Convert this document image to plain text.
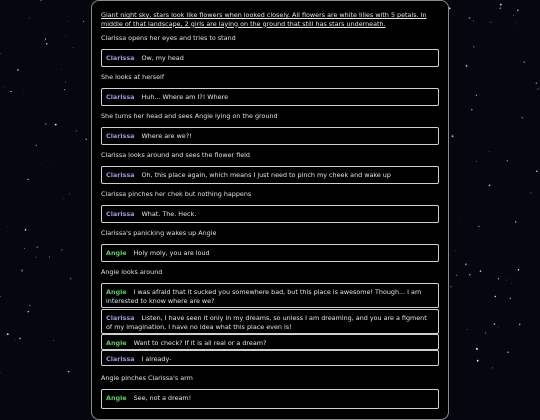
Giant night sky, stars look like flowers when looked closely. All flowers are white lilies with 5 petals. In middle of that landscape, 2 girls are laying on the ground that still has stars underneath.
Clarissa opens her eyes and tries to stand
Clarissa Ow, my head
She looks at herself
Clarissa Huh... Where am I?! Where
She turns her head and sees Angie lying on the ground
Clarissa Where are we?!
Clarissa looks around and sees the flower field
Clarissa Oh, this place again, which means I just need to pinch my cheek and wake up
Clarissa pinches her chek but nothing happens
Clarissa What. The. Heck.
Clarissa's panicking wakes up Angie
Angie Holy moly, you are loud
Angie looks around
Angie I was afraid that it sucked you somewhere bad, but this place is awesome! Though... I am interested to know where are we?
Clarissa Listen, I have seen it only in my dreams, so unless I am dreaming, and you are a figment of my imagination, I have no idea what this place even is!
Angie Want to check? If it is all real or a dream?
Clarissa I already-
Angie pinches Clarissa's arm
Angie See, not a dream!
